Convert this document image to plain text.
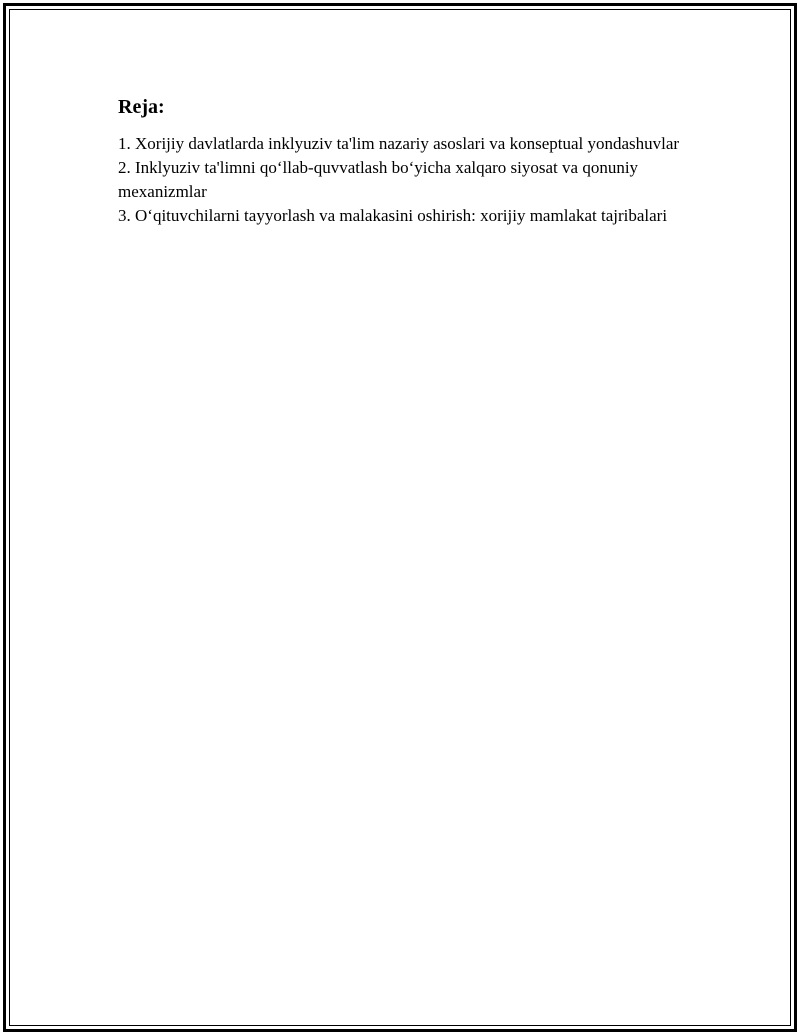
Reja:
1. Xorijiy davlatlarda inklyuziv ta'lim nazariy asoslari va konseptual yondashuvlar
2. Inklyuziv ta'limni qo‘llab-quvvatlash bo‘yicha xalqaro siyosat va qonuniy mexanizmlar
3. O‘qituvchilarni tayyorlash va malakasini oshirish: xorijiy mamlakat tajribalari
